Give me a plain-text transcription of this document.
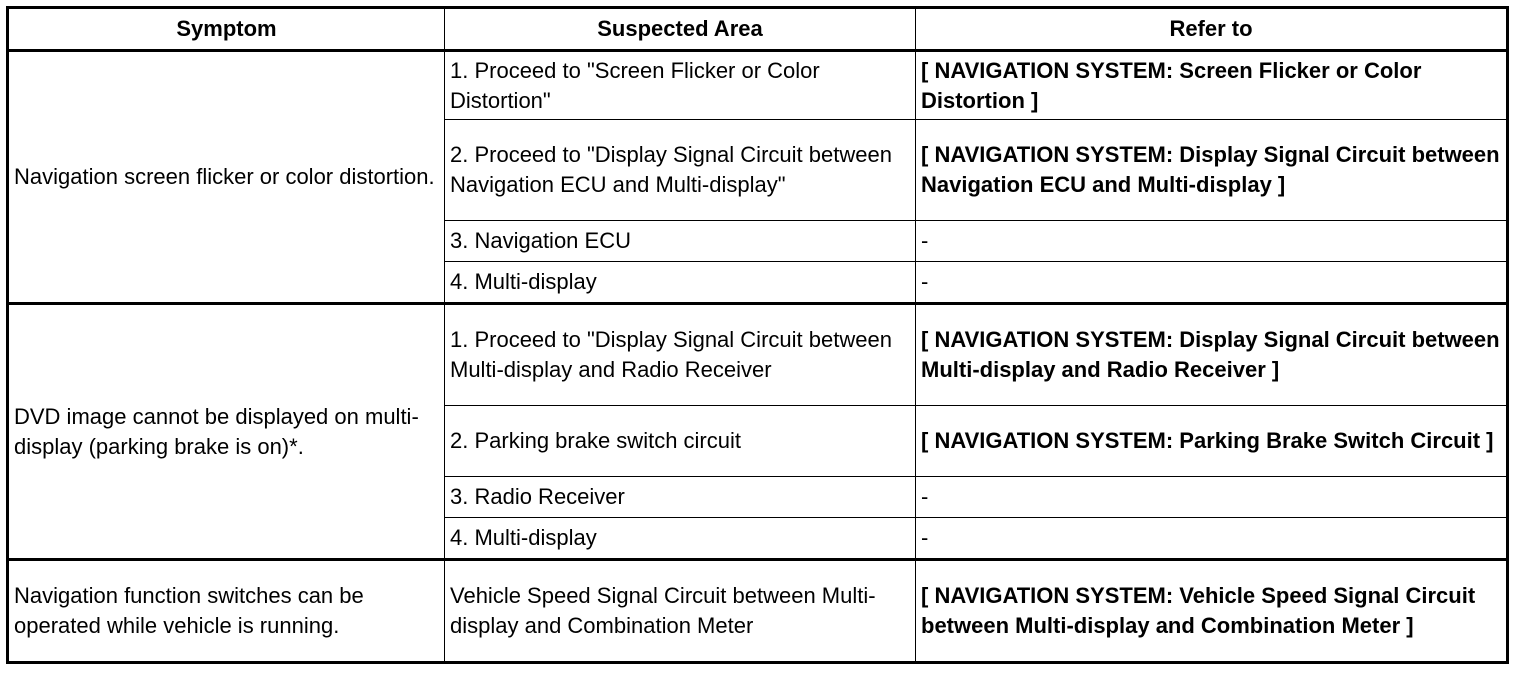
Symptom	Suspected Area	Refer to
Navigation screen flicker or color distortion.	1. Proceed to "Screen Flicker or Color Distortion"	[ NAVIGATION SYSTEM: Screen Flicker or Color Distortion ]
	2. Proceed to "Display Signal Circuit between Navigation ECU and Multi-display"	[ NAVIGATION SYSTEM: Display Signal Circuit between Navigation ECU and Multi-display ]
	3. Navigation ECU	-
	4. Multi-display	-
DVD image cannot be displayed on multi-display (parking brake is on)*.	1. Proceed to "Display Signal Circuit between Multi-display and Radio Receiver	[ NAVIGATION SYSTEM: Display Signal Circuit between Multi-display and Radio Receiver ]
	2. Parking brake switch circuit	[ NAVIGATION SYSTEM: Parking Brake Switch Circuit ]
	3. Radio Receiver	-
	4. Multi-display	-
Navigation function switches can be operated while vehicle is running.	Vehicle Speed Signal Circuit between Multi-display and Combination Meter	[ NAVIGATION SYSTEM: Vehicle Speed Signal Circuit between Multi-display and Combination Meter ]
